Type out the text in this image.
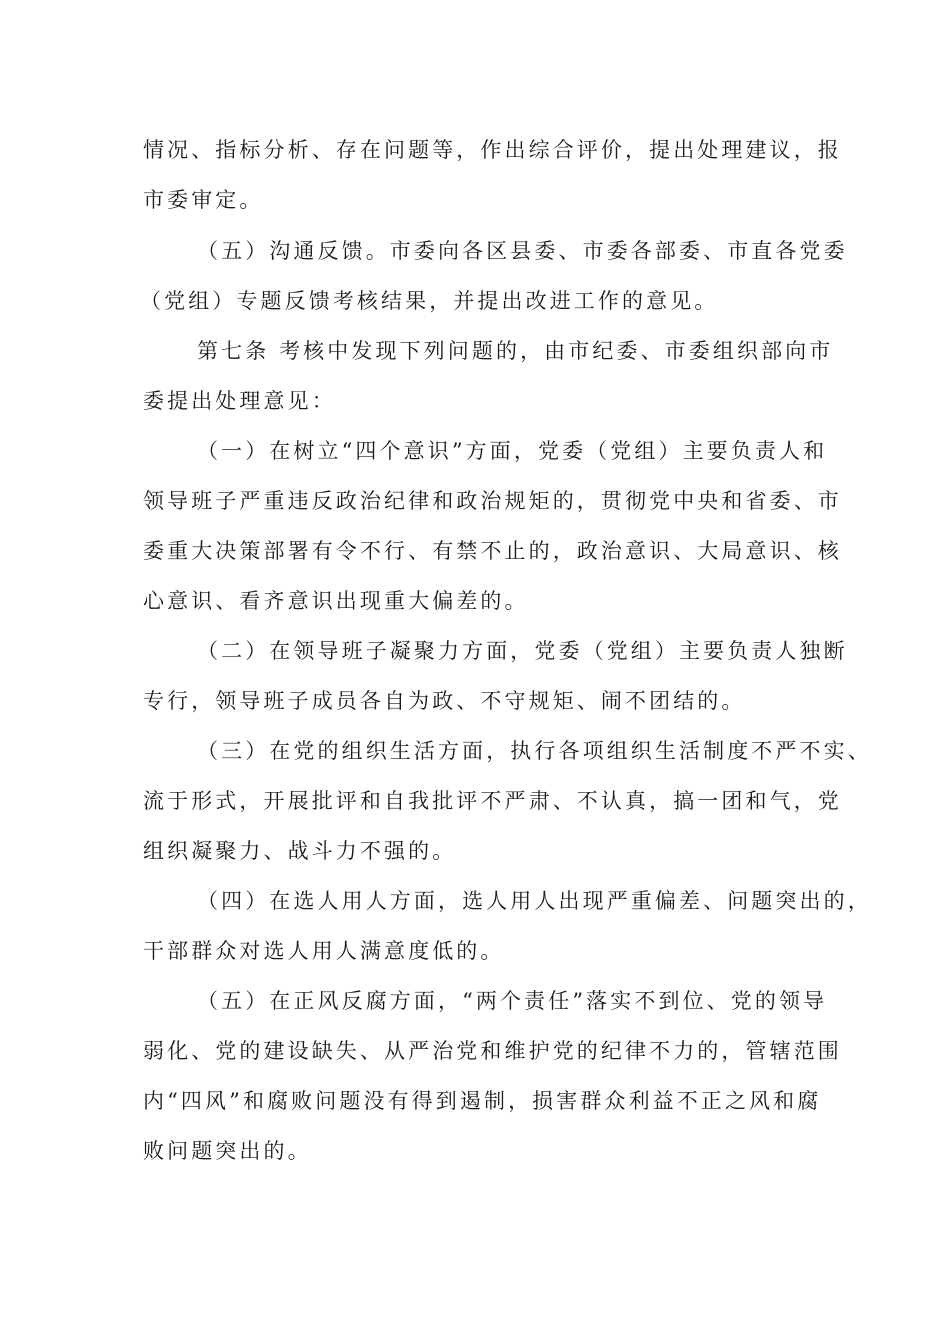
情况、指标分析、存在问题等，作出综合评价，提出处理建议，报
市委审定。
（五）沟通反馈。市委向各区县委、市委各部委、市直各党委
（党组）专题反馈考核结果，并提出改进工作的意见。
第七条 考核中发现下列问题的，由市纪委、市委组织部向市
委提出处理意见：
（一）在树立“四个意识”方面，党委（党组）主要负责人和
领导班子严重违反政治纪律和政治规矩的，贯彻党中央和省委、市
委重大决策部署有令不行、有禁不止的，政治意识、大局意识、核
心意识、看齐意识出现重大偏差的。
（二）在领导班子凝聚力方面，党委（党组）主要负责人独断
专行，领导班子成员各自为政、不守规矩、闹不团结的。
（三）在党的组织生活方面，执行各项组织生活制度不严不实、
流于形式，开展批评和自我批评不严肃、不认真，搞一团和气，党
组织凝聚力、战斗力不强的。
（四）在选人用人方面，选人用人出现严重偏差、问题突出的，
干部群众对选人用人满意度低的。
（五）在正风反腐方面，“两个责任”落实不到位、党的领导
弱化、党的建设缺失、从严治党和维护党的纪律不力的，管辖范围
内“四风”和腐败问题没有得到遏制，损害群众利益不正之风和腐
败问题突出的。
